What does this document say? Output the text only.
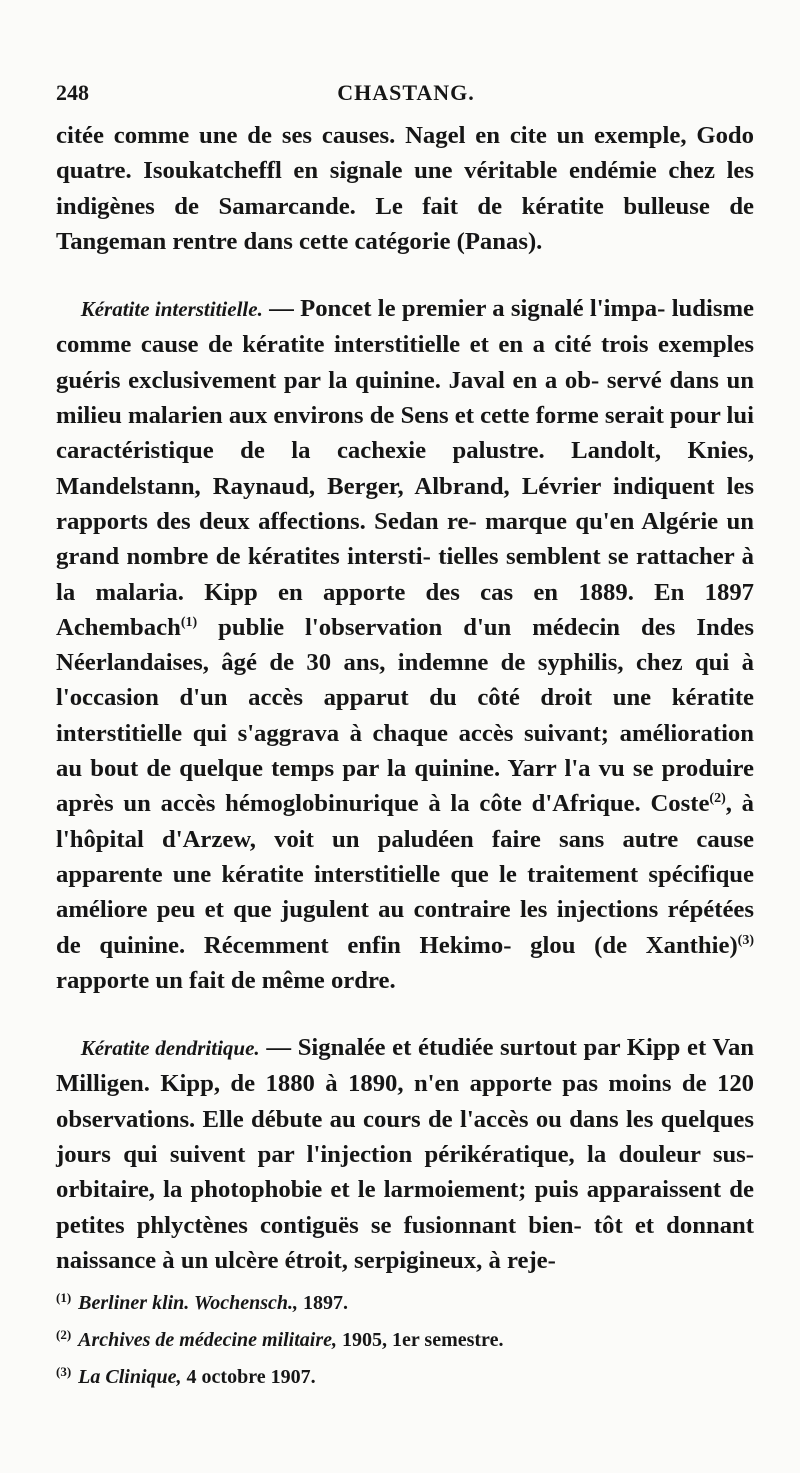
248	CHASTANG.

citée comme une de ses causes. Nagel en cite un exemple, Godo quatre. Isoukatcheffl en signale une véritable endémie chez les indigènes de Samarcande. Le fait de kératite bulleuse de Tangeman rentre dans cette catégorie (Panas).

 Kératite interstitielle. — Poncet le premier a signalé l'impa- ludisme comme cause de kératite interstitielle et en a cité trois exemples guéris exclusivement par la quinine. Javal en a ob- servé dans un milieu malarien aux environs de Sens et cette forme serait pour lui caractéristique de la cachexie palustre. Landolt, Knies, Mandelstann, Raynaud, Berger, Albrand, Lévrier indiquent les rapports des deux affections. Sedan re- marque qu'en Algérie un grand nombre de kératites intersti- tielles semblent se rattacher à la malaria. Kipp en apporte des cas en 1889. En 1897 Achembach$^{(1)}$ publie l'observation d'un médecin des Indes Néerlandaises, âgé de 30 ans, indemne de syphilis, chez qui à l'occasion d'un accès apparut du côté droit une kératite interstitielle qui s'aggrava à chaque accès suivant; amélioration au bout de quelque temps par la quinine. Yarr l'a vu se produire après un accès hémoglobinurique à la côte d'Afrique. Coste$^{(2)}$, à l'hôpital d'Arzew, voit un paludéen faire sans autre cause apparente une kératite interstitielle que le traitement spécifique améliore peu et que jugulent au contraire les injections répétées de quinine. Récemment enfin Hekimo- glou (de Xanthie)$^{(3)}$ rapporte un fait de même ordre.

 Kératite dendritique. — Signalée et étudiée surtout par Kipp et Van Milligen. Kipp, de 1880 à 1890, n'en apporte pas moins de 120 observations. Elle débute au cours de l'accès ou dans les quelques jours qui suivent par l'injection périkératique, la douleur sus-orbitaire, la photophobie et le larmoiement; puis apparaissent de petites phlyctènes contiguës se fusionnant bien- tôt et donnant naissance à un ulcère étroit, serpigineux, à reje-

$^{(1)}$ Berliner klin. Wochensch., 1897.
$^{(2)}$ Archives de médecine militaire, 1905, 1er semestre.
$^{(3)}$ La Clinique, 4 octobre 1907.
